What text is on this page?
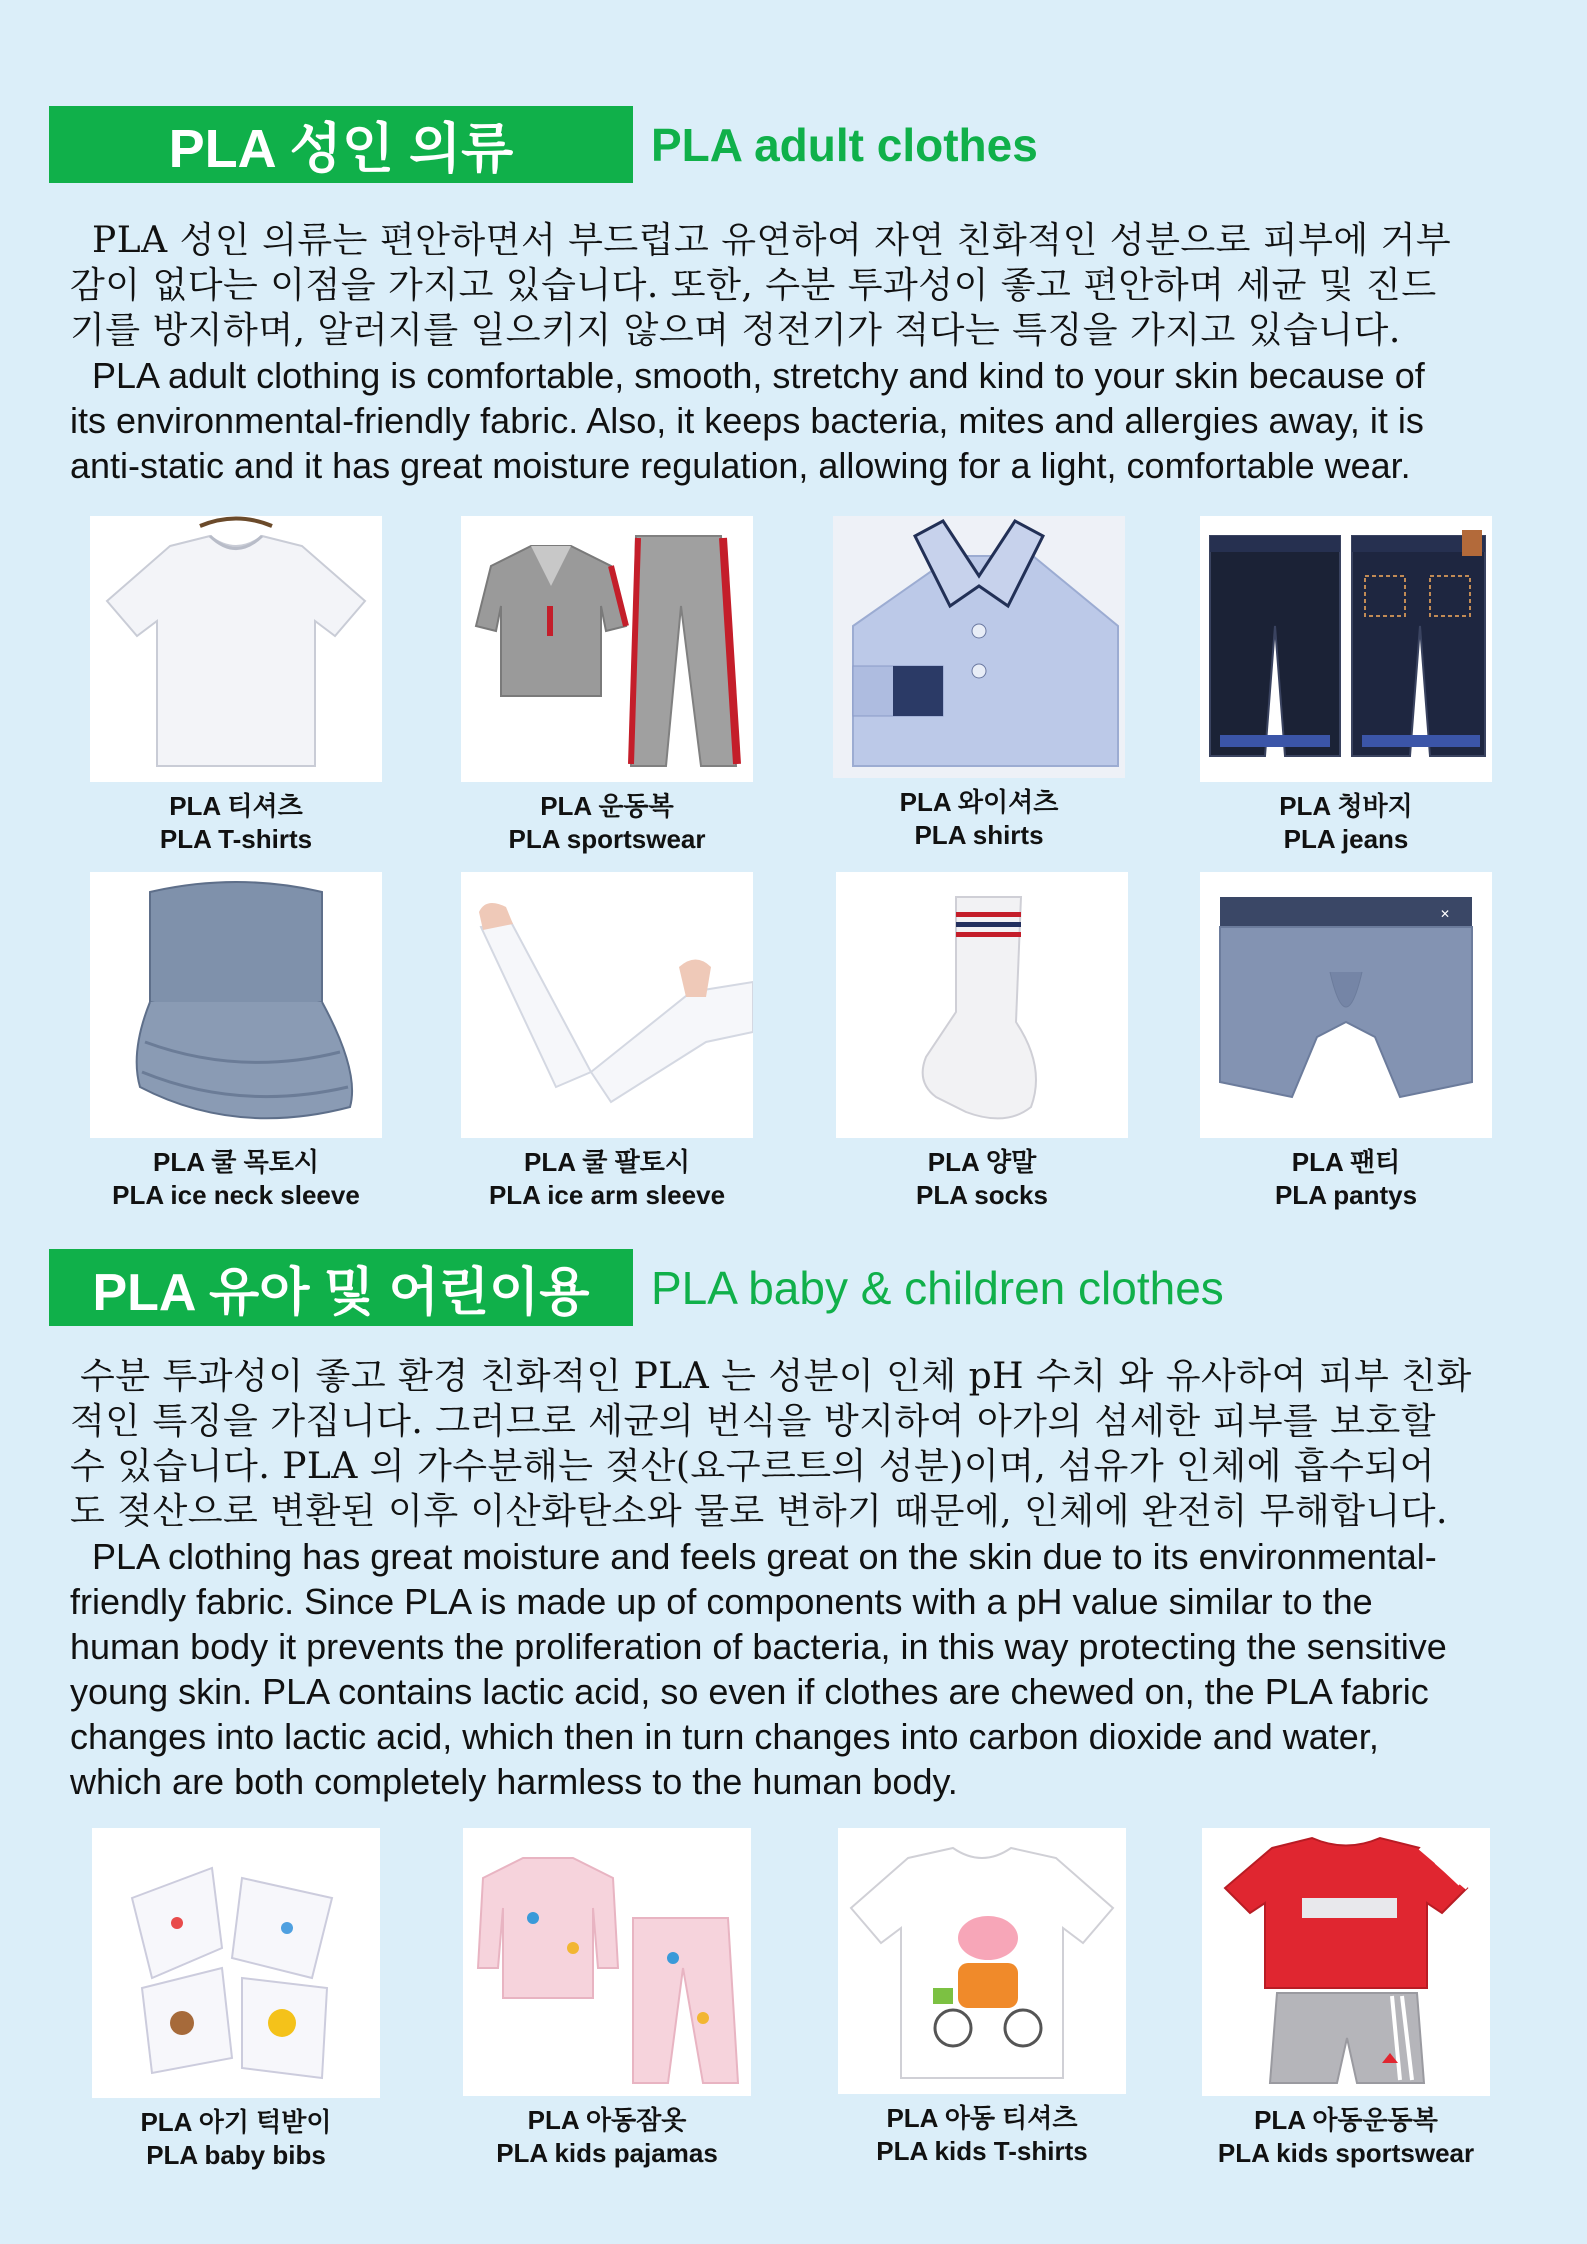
PLA 성인 의류	PLA adult clothes
PLA 성인 의류는 편안하면서 부드럽고 유연하여 자연 친화적인 성분으로 피부에 거부
감이 없다는 이점을 가지고 있습니다. 또한, 수분 투과성이 좋고 편안하며 세균 및 진드
기를 방지하며, 알러지를 일으키지 않으며 정전기가 적다는 특징을 가지고 있습니다.
PLA adult clothing is comfortable, smooth, stretchy and kind to your skin because of
its environmental-friendly fabric. Also, it keeps bacteria, mites and allergies away, it is
anti-static and it has great moisture regulation, allowing for a light, comfortable wear.
PLA 티셔츠
PLA T-shirts
PLA 운동복
PLA sportswear
PLA 와이셔츠
PLA shirts
PLA 청바지
PLA jeans
PLA 쿨 목토시
PLA ice neck sleeve
PLA 쿨 팔토시
PLA ice arm sleeve
PLA 양말
PLA socks
✕
PLA 팬티
PLA pantys
PLA 유아 및 어린이용	PLA baby & children clothes
수분 투과성이 좋고 환경 친화적인 PLA 는 성분이 인체 pH 수치 와 유사하여 피부 친화
적인 특징을 가집니다. 그러므로 세균의 번식을 방지하여 아가의 섬세한 피부를 보호할
수 있습니다. PLA 의 가수분해는 젖산(요구르트의 성분)이며, 섬유가 인체에 흡수되어
도 젖산으로 변환된 이후 이산화탄소와 물로 변하기 때문에, 인체에 완전히 무해합니다.
PLA clothing has great moisture and feels great on the skin due to its environmental-
friendly fabric. Since PLA is made up of components with a pH value similar to the
human body it prevents the proliferation of bacteria, in this way protecting the sensitive
young skin. PLA contains lactic acid, so even if clothes are chewed on, the PLA fabric
changes into lactic acid, which then in turn changes into carbon dioxide and water,
which are both completely harmless to the human body.
PLA 아기 턱받이
PLA baby bibs
PLA 아동잠옷
PLA kids pajamas
PLA 아동 티셔츠
PLA kids T-shirts
PLA 아동운동복
PLA kids sportswear
